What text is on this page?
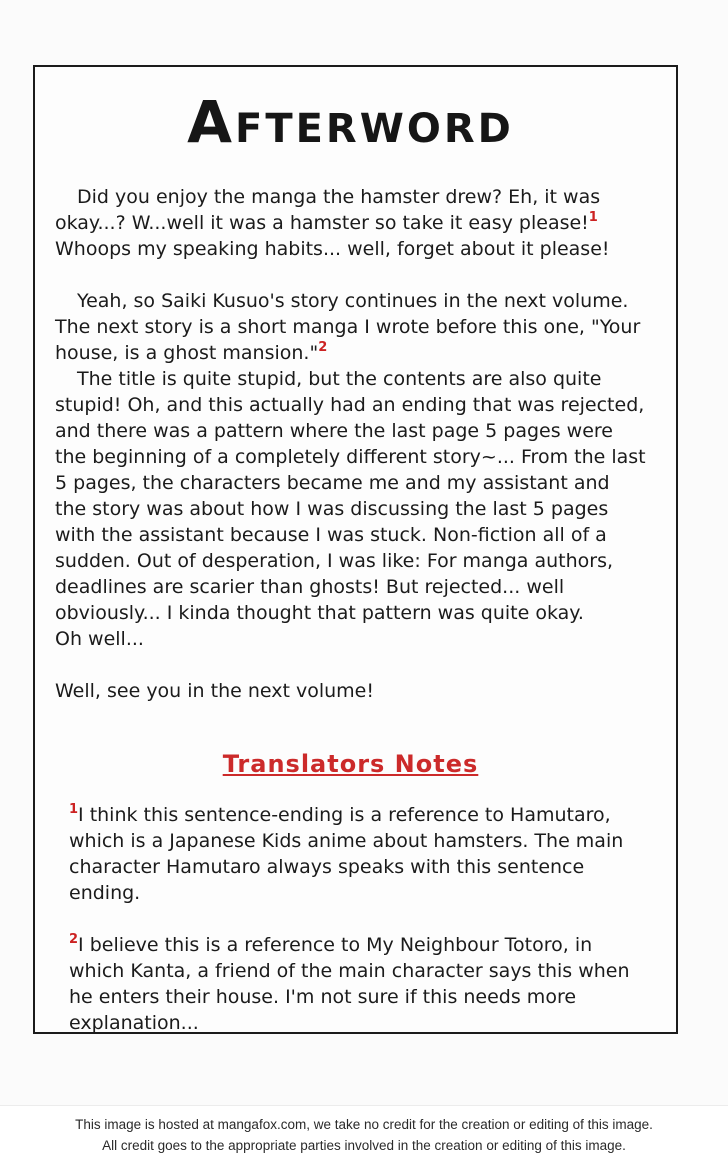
AFTERWORD

Did you enjoy the manga the hamster drew? Eh, it was okay...? W...well it was a hamster so take it easy please!$^1$ Whoops my speaking habits... well, forget about it please!

Yeah, so Saiki Kusuo's story continues in the next volume. The next story is a short manga I wrote before this one, "Your house, is a ghost mansion."$^2$

The title is quite stupid, but the contents are also quite stupid! Oh, and this actually had an ending that was rejected, and there was a pattern where the last page 5 pages were the beginning of a completely different story~... From the last 5 pages, the characters became me and my assistant and the story was about how I was discussing the last 5 pages with the assistant because I was stuck. Non-fiction all of a sudden. Out of desperation, I was like: For manga authors, deadlines are scarier than ghosts! But rejected... well obviously... I kinda thought that pattern was quite okay.

Oh well...

Well, see you in the next volume!

Translators Notes

$^1$I think this sentence-ending is a reference to Hamutaro, which is a Japanese Kids anime about hamsters. The main character Hamutaro always speaks with this sentence ending.

$^2$I believe this is a reference to My Neighbour Totoro, in which Kanta, a friend of the main character says this when he enters their house. I'm not sure if this needs more explanation...

This image is hosted at mangafox.com, we take no credit for the creation or editing of this image.
All credit goes to the appropriate parties involved in the creation or editing of this image.
